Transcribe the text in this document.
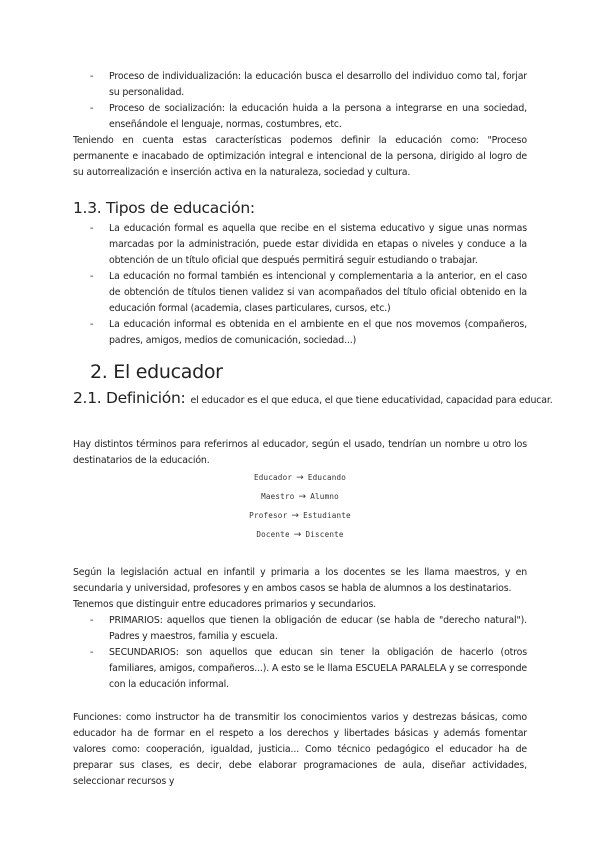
- Proceso de individualización: la educación busca el desarrollo del individuo como tal, forjar su personalidad.
- Proceso de socialización: la educación huida a la persona a integrarse en una sociedad, enseñándole el lenguaje, normas, costumbres, etc.
Teniendo en cuenta estas características podemos definir la educación como: "Proceso permanente e inacabado de optimización integral e intencional de la persona, dirigido al logro de su autorrealización e inserción activa en la naturaleza, sociedad y cultura.
1.3. Tipos de educación:
- La educación formal es aquella que recibe en el sistema educativo y sigue unas normas marcadas por la administración, puede estar dividida en etapas o niveles y conduce a la obtención de un título oficial que después permitirá seguir estudiando o trabajar.
- La educación no formal también es intencional y complementaria a la anterior, en el caso de obtención de títulos tienen validez si van acompañados del título oficial obtenido en la educación formal (academia, clases particulares, cursos, etc.)
- La educación informal es obtenida en el ambiente en el que nos movemos (compañeros, padres, amigos, medios de comunicación, sociedad...)
2. El educador
2.1. Definición: el educador es el que educa, el que tiene educatividad, capacidad para educar.
Hay distintos términos para referirnos al educador, según el usado, tendrían un nombre u otro los destinatarios de la educación.
Educador → Educando
Maestro → Alumno
Profesor → Estudiante
Docente → Discente
Según la legislación actual en infantil y primaria a los docentes se les llama maestros, y en secundaria y universidad, profesores y en ambos casos se habla de alumnos a los destinatarios.
Tenemos que distinguir entre educadores primarios y secundarios.
- PRIMARIOS: aquellos que tienen la obligación de educar (se habla de "derecho natural"). Padres y maestros, familia y escuela.
- SECUNDARIOS: son aquellos que educan sin tener la obligación de hacerlo (otros familiares, amigos, compañeros...). A esto se le llama ESCUELA PARALELA y se corresponde con la educación informal.
Funciones: como instructor ha de transmitir los conocimientos varios y destrezas básicas, como educador ha de formar en el respeto a los derechos y libertades básicas y además fomentar valores como: cooperación, igualdad, justicia... Como técnico pedagógico el educador ha de preparar sus clases, es decir, debe elaborar programaciones de aula, diseñar actividades, seleccionar recursos y
